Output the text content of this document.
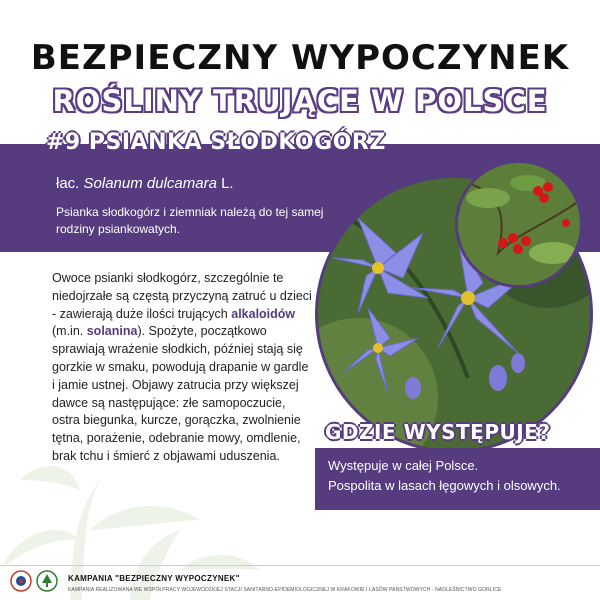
BEZPIECZNY WYPOCZYNEK
ROŚLINY TRUJĄCE W POLSCE
#9 PSIANKA SŁODKOGÓRZ
łac. Solanum dulcamara L.
Psianka słodkogórz i ziemniak należą do tej samej rodziny psiankowatych.
Owoce psianki słodkogórz, szczególnie te niedojrzałe są częstą przyczyną zatruć u dzieci - zawierają duże ilości trujących alkaloidów (m.in. solanina). Spożyte, początkowo sprawiają wrażenie słodkich, później stają się gorzkie w smaku, powodują drapanie w gardle i jamie ustnej. Objawy zatrucia przy większej dawce są następujące: złe samopoczucie, ostra biegunka, kurcze, gorączka, zwolnienie tętna, porażenie, odebranie mowy, omdlenie, brak tchu i śmierć z objawami uduszenia.
GDZIE WYSTĘPUJE?
Występuje w całej Polsce.
Pospolita w lasach łęgowych i olsowych.
KAMPANIA "BEZPIECZNY WYPOCZYNEK"
KAMPANIA REALIZOWANA WE WSPÓŁPRACY WOJEWÓDZKIEJ STACJI SANITARNO-EPIDEMIOLOGICZNEJ W KRAKOWIE I LASÓW PAŃSTWOWYCH - NADLEŚNICTWO GORLICE
